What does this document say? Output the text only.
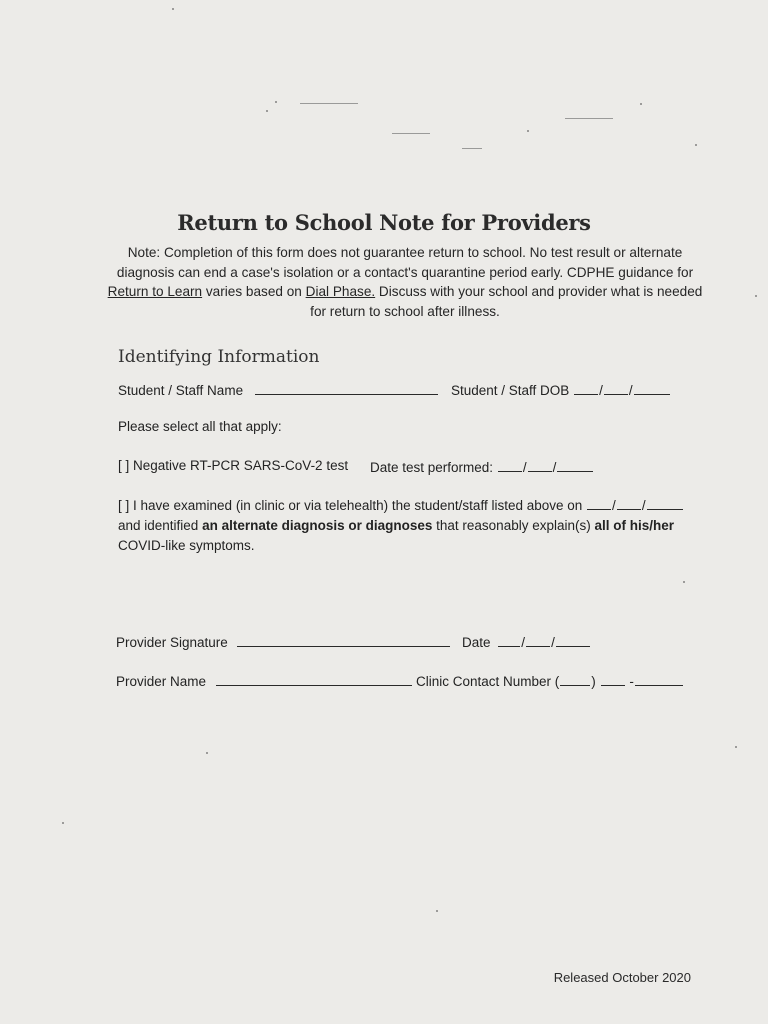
Return to School Note for Providers
Note: Completion of this form does not guarantee return to school. No test result or alternate diagnosis can end a case's isolation or a contact's quarantine period early. CDPHE guidance for Return to Learn varies based on Dial Phase. Discuss with your school and provider what is needed for return to school after illness.
Identifying Information
Student / Staff Name	Student / Staff DOB / /
Please select all that apply:
[ ] Negative RT-PCR SARS-CoV-2 test Date test performed: / /
[ ] I have examined (in clinic or via telehealth) the student/staff listed above on / /
and identified an alternate diagnosis or diagnoses that reasonably explain(s) all of his/her
COVID-like symptoms.
Provider Signature	Date / /
Provider Name	Clinic Contact Number ( ) -
Released October 2020
